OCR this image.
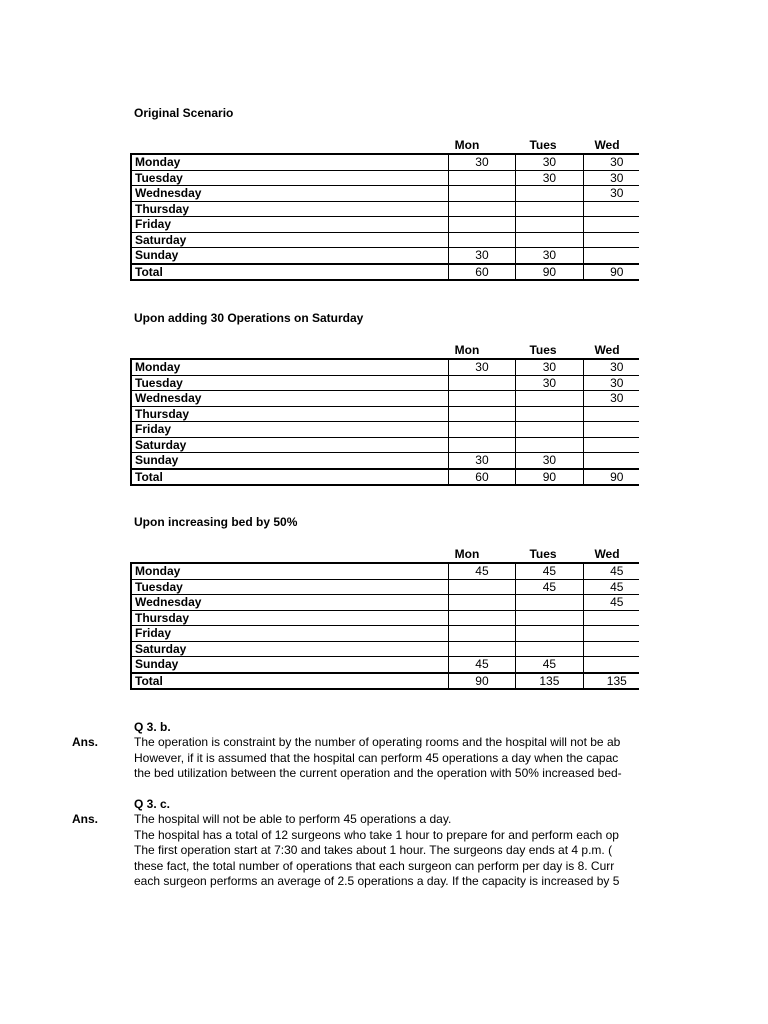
Original Scenario
Mon	Tues	Wed
Monday	30	30	30
Tuesday		30	30
Wednesday			30
Thursday			
Friday			
Saturday			
Sunday	30	30	
Total	60	90	90
Upon adding 30 Operations on Saturday
Mon	Tues	Wed
Monday	30	30	30
Tuesday		30	30
Wednesday			30
Thursday			
Friday			
Saturday			
Sunday	30	30	
Total	60	90	90
Upon increasing bed by 50%
Mon	Tues	Wed
Monday	45	45	45
Tuesday		45	45
Wednesday			45
Thursday			
Friday			
Saturday			
Sunday	45	45	
Total	90	135	135
Q 3. b.
Ans.	The operation is constraint by the number of operating rooms and the hospital will not be ab
However, if it is assumed that the hospital can perform 45 operations a day when the capac
the bed utilization between the current operation and the operation with 50% increased bed-
Q 3. c.
Ans.	The hospital will not be able to perform 45 operations a day.
The hospital has a total of 12 surgeons who take 1 hour to prepare for and perform each op
The first operation start at 7:30 and takes about 1 hour. The surgeons day ends at 4 p.m. (
these fact, the total number of operations that each surgeon can perform per day is 8. Curr
each surgeon performs an average of 2.5 operations a day. If the capacity is increased by 5
